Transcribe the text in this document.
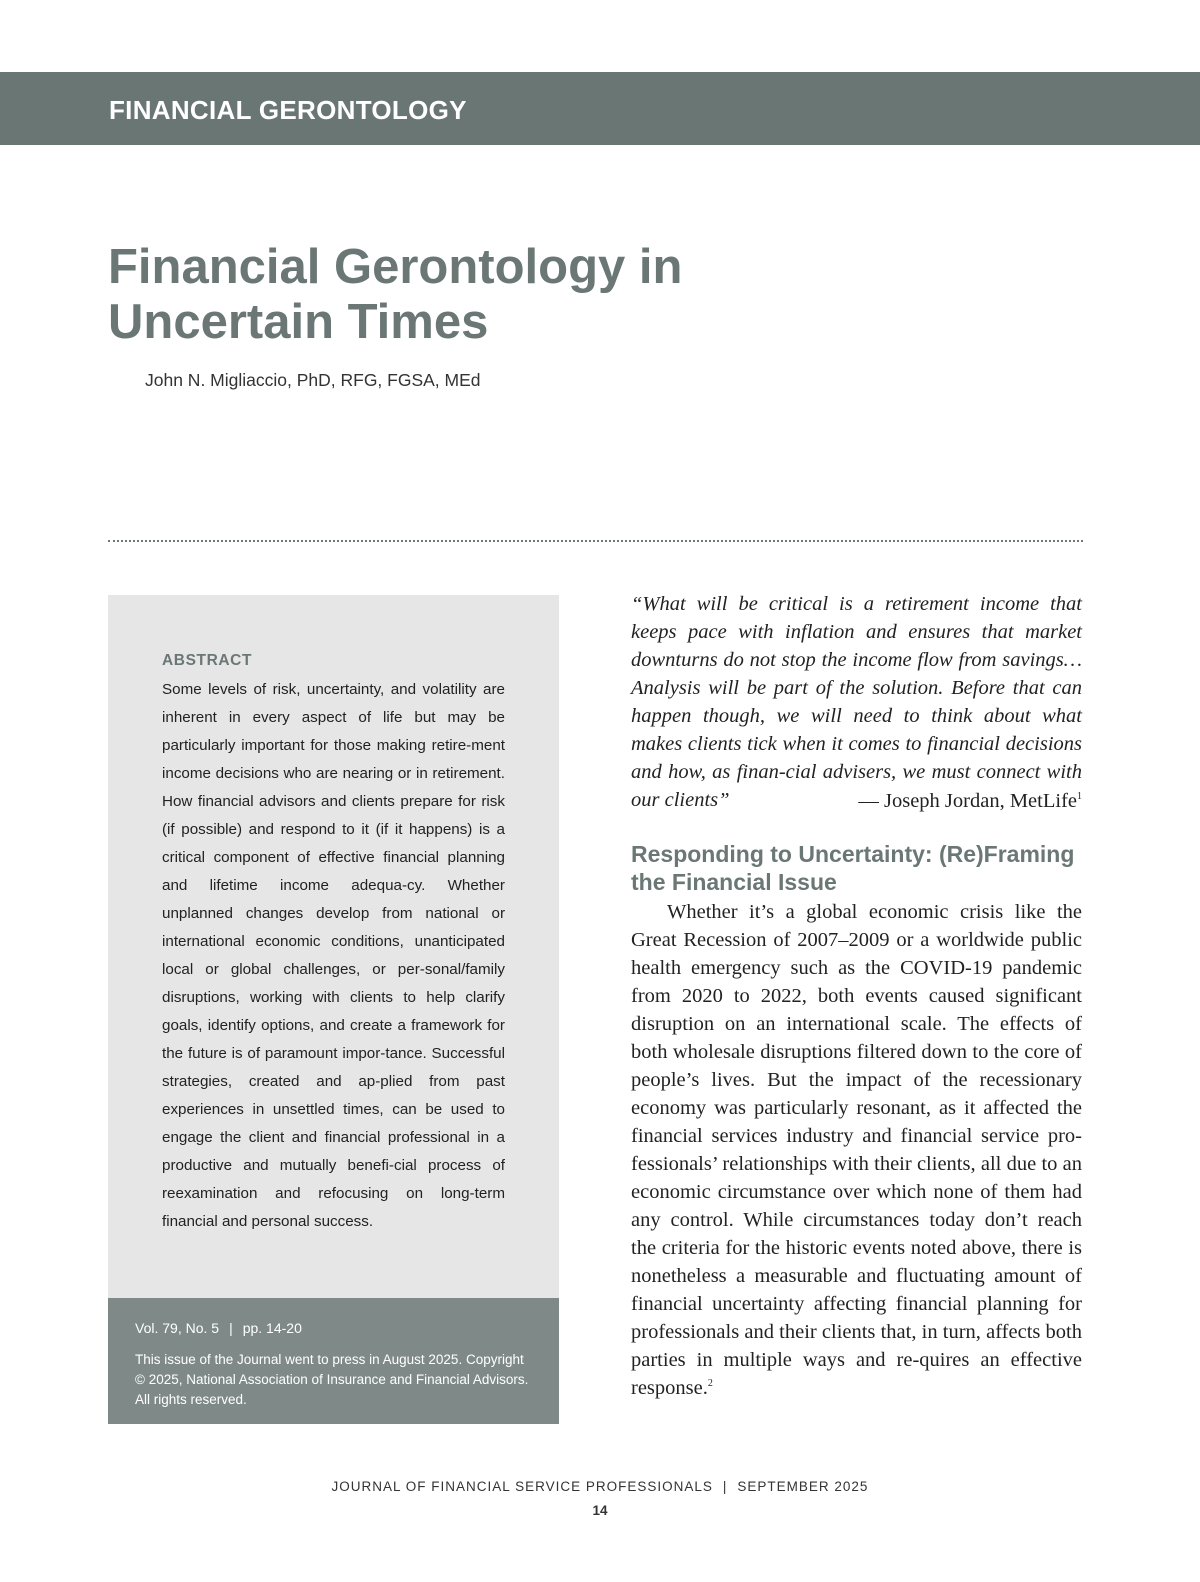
FINANCIAL GERONTOLOGY

Financial Gerontology in Uncertain Times

John N. Migliaccio, PhD, RFG, FGSA, MEd

ABSTRACT

Some levels of risk, uncertainty, and volatility are inherent in every aspect of life but may be particularly important for those making retire-ment income decisions who are nearing or in retirement. How financial advisors and clients prepare for risk (if possible) and respond to it (if it happens) is a critical component of effective financial planning and lifetime income adequa-cy. Whether unplanned changes develop from national or international economic conditions, unanticipated local or global challenges, or per-sonal/family disruptions, working with clients to help clarify goals, identify options, and create a framework for the future is of paramount impor-tance. Successful strategies, created and ap-plied from past experiences in unsettled times, can be used to engage the client and financial professional in a productive and mutually benefi-cial process of reexamination and refocusing on long-term financial and personal success.

Vol. 79, No. 5 | pp. 14-20

This issue of the Journal went to press in August 2025. Copyright © 2025, National Association of Insurance and Financial Advisors. All rights reserved.

“What will be critical is a retirement income that keeps pace with inflation and ensures that market downturns do not stop the income flow from savings…Analysis will be part of the solution. Before that can happen though, we will need to think about what makes clients tick when it comes to financial decisions and how, as finan-cial advisers, we must connect with our clients”	— Joseph Jordan, MetLife$^1$

Responding to Uncertainty: (Re)Framing the Financial Issue

Whether it’s a global economic crisis like the Great Recession of 2007–2009 or a worldwide public health emergency such as the COVID-19 pandemic from 2020 to 2022, both events caused significant disruption on an international scale. The effects of both wholesale disruptions filtered down to the core of people’s lives. But the impact of the recessionary economy was particularly resonant, as it affected the financial services industry and financial service pro-fessionals’ relationships with their clients, all due to an economic circumstance over which none of them had any control. While circumstances today don’t reach the criteria for the historic events noted above, there is nonetheless a measurable and fluctuating amount of financial uncertainty affecting financial planning for professionals and their clients that, in turn, affects both parties in multiple ways and re-quires an effective response.$^2$

JOURNAL OF FINANCIAL SERVICE PROFESSIONALS | SEPTEMBER 2025

14
